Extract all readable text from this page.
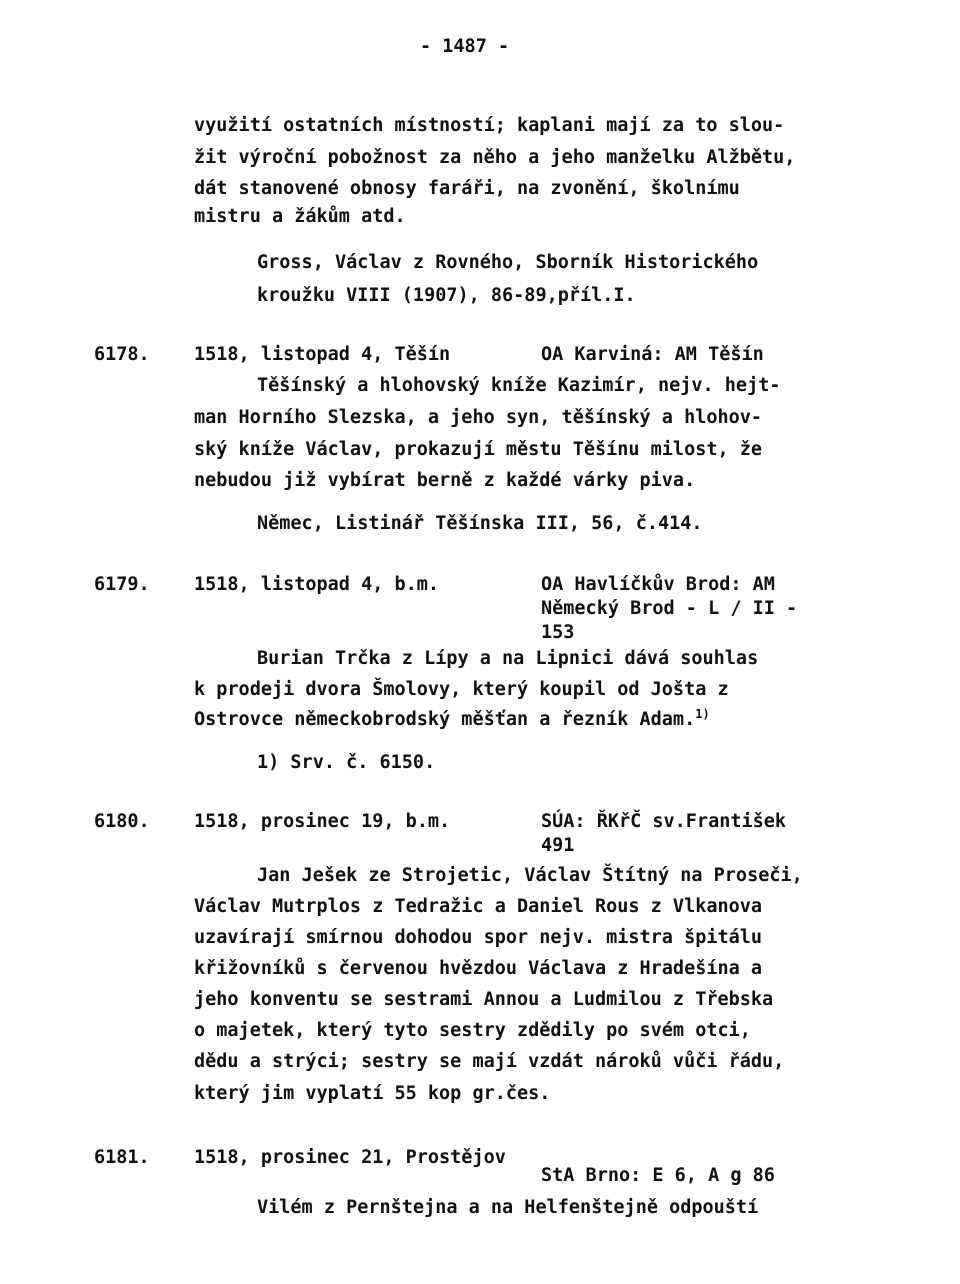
- 1487 -
využití ostatních místností; kaplani mají za to slou-
žit výroční pobožnost za něho a jeho manželku Alžbětu,
dát stanovené obnosy faráři, na zvonění, školnímu
mistru a žákům atd.
Gross, Václav z Rovného, Sborník Historického
kroužku VIII (1907), 86-89,příl.I.
6178. 1518, listopad 4, Těšín	OA Karviná: AM Těšín
Těšínský a hlohovský kníže Kazimír, nejv. hejt-
man Horního Slezska, a jeho syn, těšínský a hlohov-
ský kníže Václav, prokazují městu Těšínu milost, že
nebudou již vybírat berně z každé várky piva.
Němec, Listinář Těšínska III, 56, č.414.
6179. 1518, listopad 4, b.m.	OA Havlíčkův Brod: AM
Německý Brod - L / II -
153
Burian Trčka z Lípy a na Lipnici dává souhlas
k prodeji dvora Šmolovy, který koupil od Jošta z
Ostrovce německobrodský měšťan a řezník Adam.$^{1)}$
1) Srv. č. 6150.
6180. 1518, prosinec 19, b.m.	SÚA: ŘKřČ sv.František
491
Jan Ješek ze Strojetic, Václav Štítný na Proseči,
Václav Mutrplos z Tedražic a Daniel Rous z Vlkanova
uzavírají smírnou dohodou spor nejv. mistra špitálu
křižovníků s červenou hvězdou Václava z Hradešína a
jeho konventu se sestrami Annou a Ludmilou z Třebska
o majetek, který tyto sestry zdědily po svém otci,
dědu a strýci; sestry se mají vzdát nároků vůči řádu,
který jim vyplatí 55 kop gr.čes.
6181. 1518, prosinec 21, Prostějov
StA Brno: E 6, A g 86
Vilém z Pernštejna a na Helfenštejně odpouští
